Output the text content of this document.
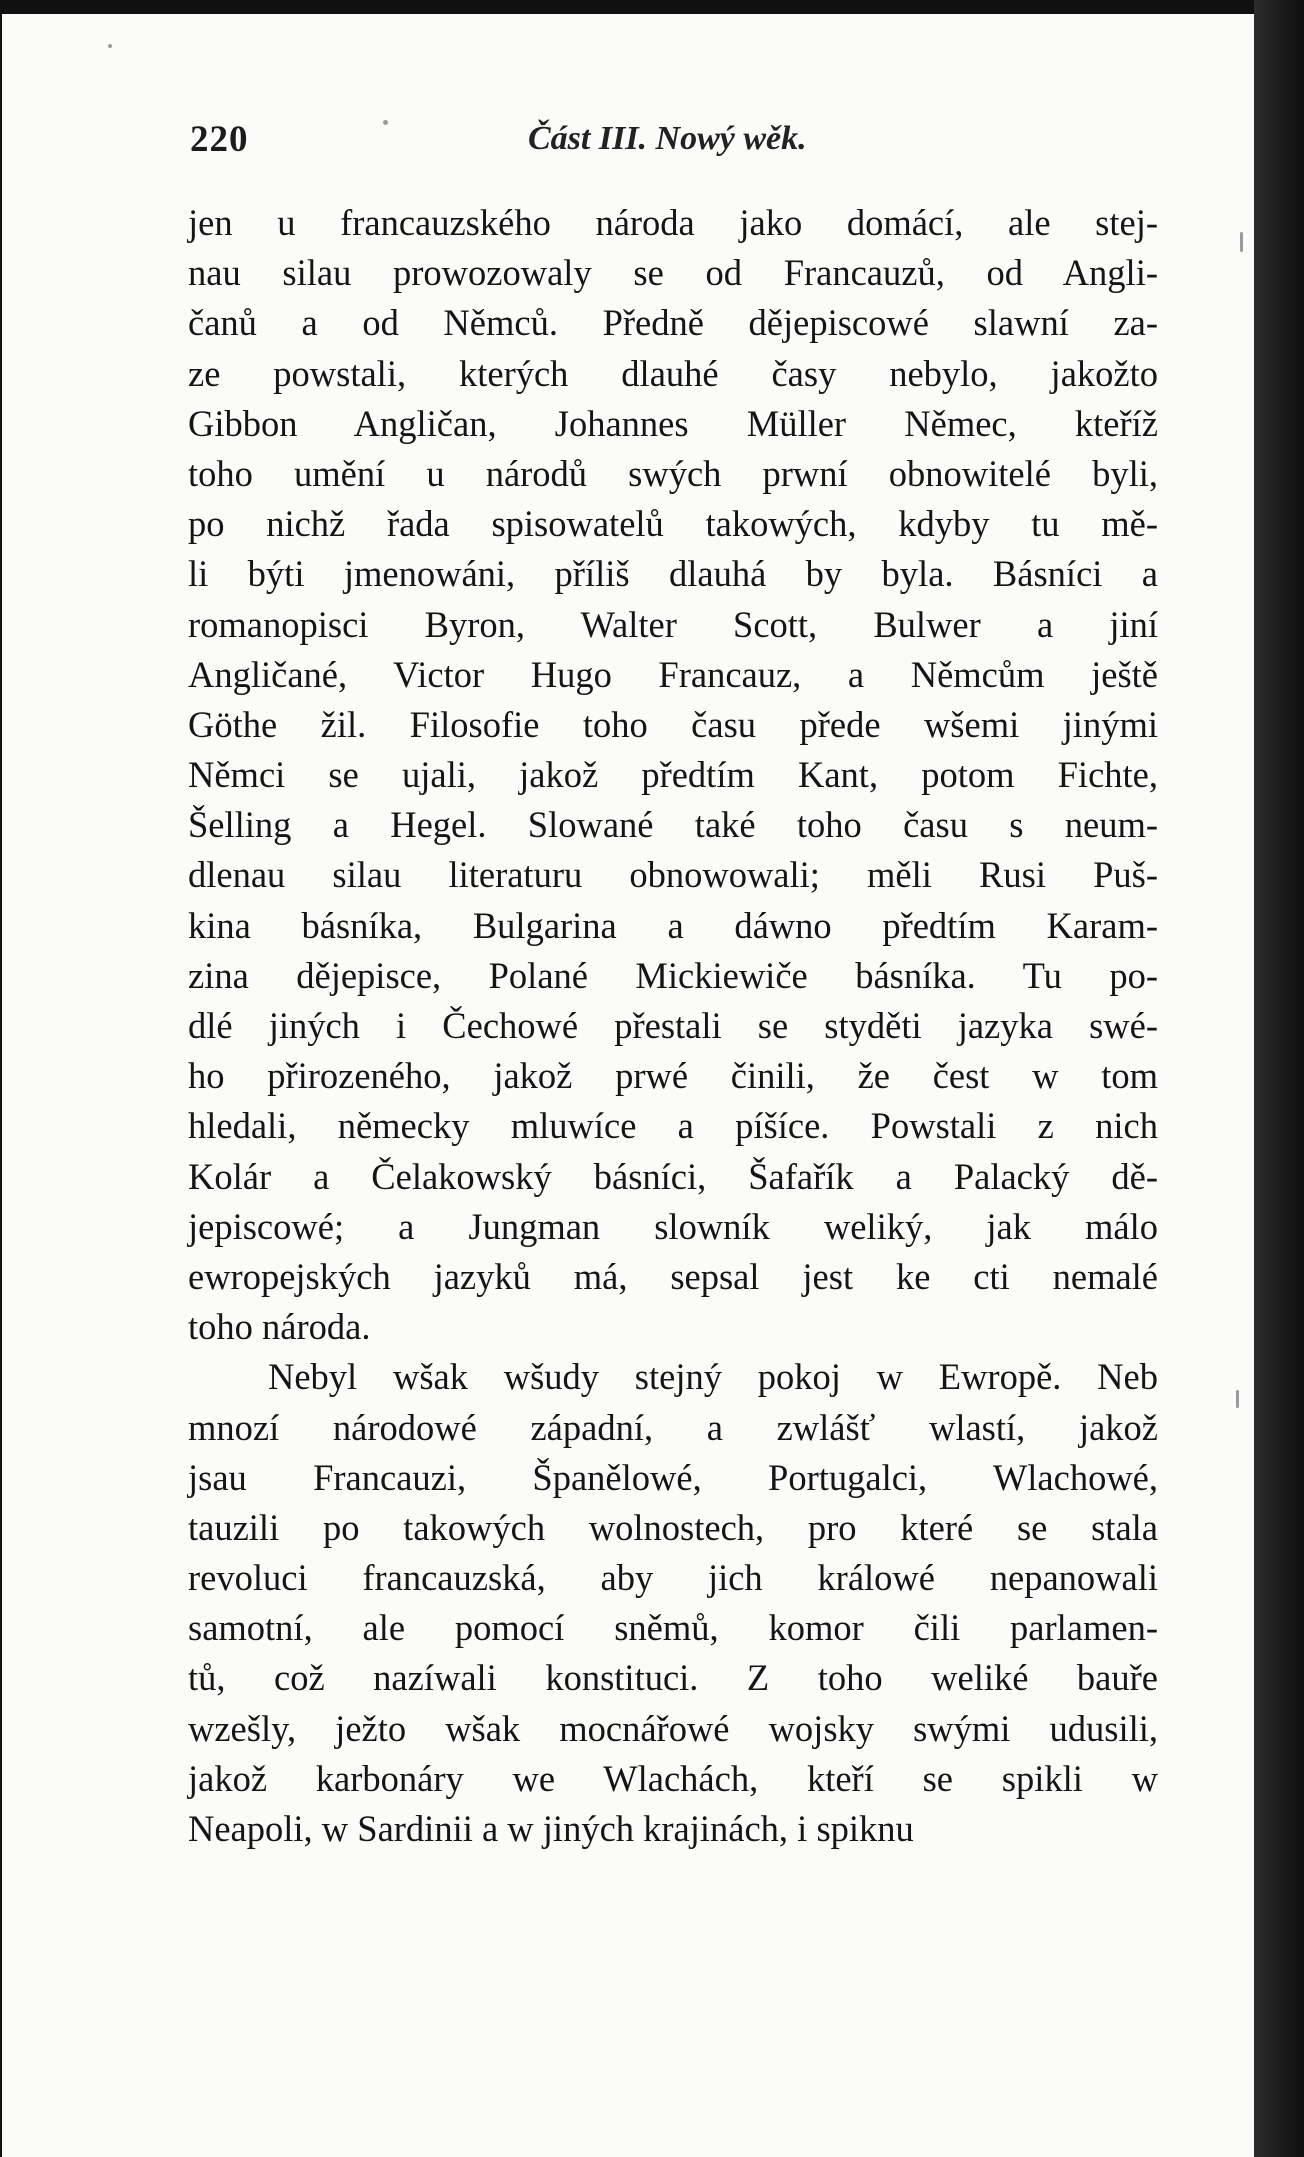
220	Část III. Nowý wěk.
jen u francauzského národa jako domácí, ale stej-
nau silau prowozowaly se od Francauzů, od Angli-
čanů a od Němců. Předně dějepiscowé slawní za-
ze powstali, kterých dlauhé časy nebylo, jakožto
Gibbon Angličan, Johannes Müller Němec, kteříž
toho umění u národů swých prwní obnowitelé byli,
po nichž řada spisowatelů takowých, kdyby tu mě-
li býti jmenowáni, příliš dlauhá by byla. Básníci a
romanopisci Byron, Walter Scott, Bulwer a jiní
Angličané, Victor Hugo Francauz, a Němcům ještě
Göthe žil. Filosofie toho času přede wšemi jinými
Němci se ujali, jakož předtím Kant, potom Fichte,
Šelling a Hegel. Slowané také toho času s neum-
dlenau silau literaturu obnowowali; měli Rusi Puš-
kina básníka, Bulgarina a dáwno předtím Karam-
zina dějepisce, Polané Mickiewiče básníka. Tu po-
dlé jiných i Čechowé přestali se styděti jazyka swé-
ho přirozeného, jakož prwé činili, že čest w tom
hledali, německy mluwíce a píšíce. Powstali z nich
Kolár a Čelakowský básníci, Šafařík a Palacký dě-
jepiscowé; a Jungman slowník weliký, jak málo
ewropejských jazyků má, sepsal jest ke cti nemalé
toho národa.
Nebyl wšak wšudy stejný pokoj w Ewropě. Neb
mnozí národowé západní, a zwlášť wlastí, jakož
jsau Francauzi, Španělowé, Portugalci, Wlachowé,
tauzili po takowých wolnostech, pro které se stala
revoluci francauzská, aby jich králowé nepanowali
samotní, ale pomocí sněmů, komor čili parlamen-
tů, což nazíwali konstituci. Z toho weliké bauře
wzešly, ježto wšak mocnářowé wojsky swými udusili,
jakož karbonáry we Wlachách, kteří se spikli w
Neapoli, w Sardinii a w jiných krajinách, i spiknu
